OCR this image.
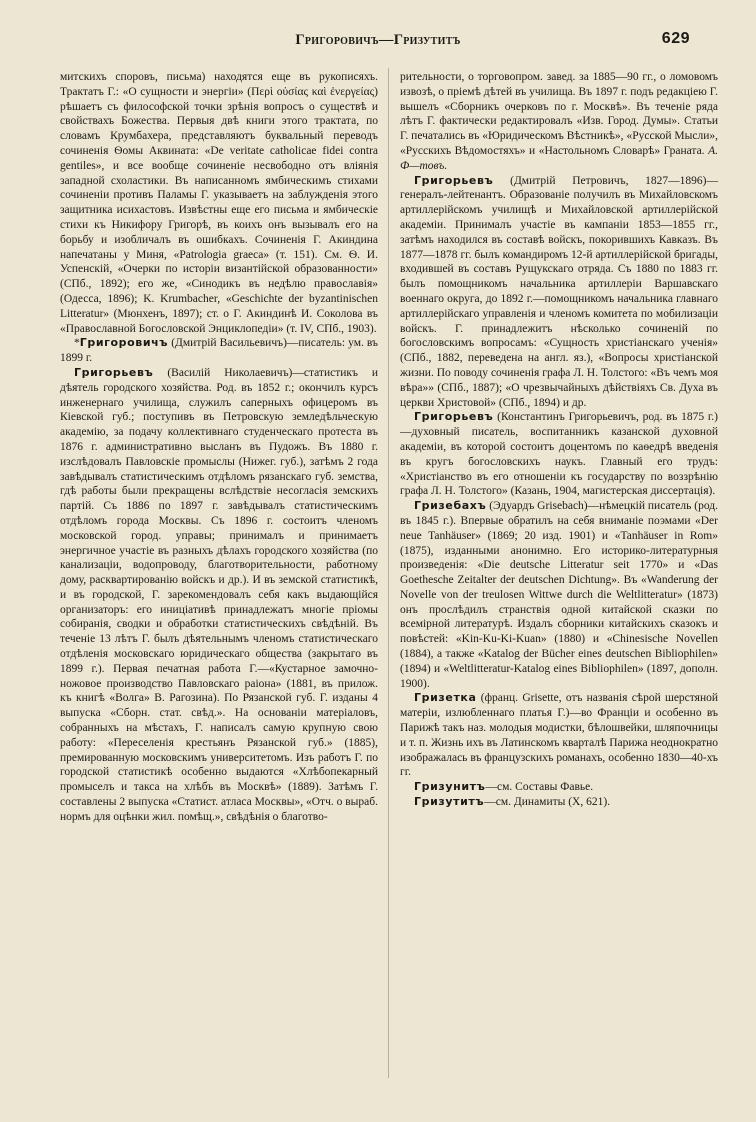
Григоровичъ—Гризутитъ	629

митскихъ споровъ, письма) находятся еще въ рукописяхъ. Трактатъ Г.: «О сущности и энергіи» (Περὶ οὐσίας καὶ ἐνεργείας) рѣшаетъ съ философской точки зрѣнія вопросъ о существѣ и свойствахъ Божества. Первыя двѣ книги этого трактата, по словамъ Крумбахера, представляютъ буквальный переводъ сочиненія Ѳомы Аквината: «De veritate catholicae fidei contra gentiles», и все вообще сочиненіе несвободно отъ вліянія западной схоластики. Въ написанномъ ямбическимъ стихами сочиненіи противъ Паламы Г. указываетъ на заблужденія этого защитника исихастовъ. Извѣстны еще его письма и ямбическіе стихи къ Никифору Григорѣ, въ коихъ онъ вызывалъ его на борьбу и изобличалъ въ ошибкахъ. Сочиненія Г. Акиндина напечатаны у Миня, «Patrologia graeca» (т. 151). См. Ѳ. И. Успенскій, «Очерки по исторіи византійской образованности» (СПб., 1892); его же, «Синодикъ въ недѣлю православія» (Одесса, 1896); K. Krumbacher, «Geschichte der byzantinischen Litteratur» (Мюнхенъ, 1897); ст. о Г. Акиндинѣ И. Соколова въ «Православной Богословской Энциклопедіи» (т. IV, СПб., 1903).

*Григоровичъ (Дмитрій Васильевичъ)—писатель: ум. въ 1899 г.

Григорьевъ (Василій Николаевичъ)—статистикъ и дѣятель городского хозяйства. Род. въ 1852 г.; окончилъ курсъ инженернаго училища, служилъ саперныхъ офицеромъ въ Кіевской губ.; поступивъ въ Петровскую земледѣльческую академію, за подачу коллективнаго студенческаго протеста въ 1876 г. административно высланъ въ Пудожъ. Въ 1880 г. изслѣдовалъ Павловскіе промыслы (Нижег. губ.), затѣмъ 2 года завѣдывалъ статистическимъ отдѣломъ рязанскаго губ. земства, гдѣ работы были прекращены вслѣдствіе несогласія земскихъ партій. Съ 1886 по 1897 г. завѣдывалъ статистическимъ отдѣломъ города Москвы. Съ 1896 г. состоитъ членомъ московской город. управы; принималъ и принимаетъ энергичное участіе въ разныхъ дѣлахъ городского хозяйства (по канализаціи, водопроводу, благотворительности, работному дому, расквартированію войскъ и др.). И въ земской статистикѣ, и въ городской, Г. зарекомендовалъ себя какъ выдающійся организаторъ: его иниціативѣ принадлежатъ многіе пріомы собиранія, сводки и обработки статистическихъ свѣдѣній. Въ теченіе 13 лѣтъ Г. былъ дѣятельнымъ членомъ статистическаго отдѣленія московскаго юридическаго общества (закрытаго въ 1899 г.). Первая печатная работа Г.—«Кустарное замочно-ножовое производство Павловскаго раіона» (1881, въ прилож. къ книгѣ «Волга» В. Рагозина). По Рязанской губ. Г. изданы 4 выпуска «Сборн. стат. свѣд.». На основаніи матеріаловъ, собранныхъ на мѣстахъ, Г. написалъ самую крупную свою работу: «Переселенія крестьянъ Рязанской губ.» (1885), премированную московскимъ университетомъ. Изъ работъ Г. по городской статистикѣ особенно выдаются «Хлѣбопекарный промыселъ и такса на хлѣбъ въ Москвѣ» (1889). Затѣмъ Г. составлены 2 выпуска «Статист. атласа Москвы», «Отч. о выраб. нормъ для оцѣнки жил. помѣщ.», свѣдѣнія о благотво-

рительности, о торговопром. завед. за 1885—90 гг., о ломовомъ извозѣ, о пріемѣ дѣтей въ училища. Въ 1897 г. подъ редакціею Г. вышелъ «Сборникъ очерковъ по г. Москвѣ». Въ теченіе ряда лѣтъ Г. фактически редактировалъ «Изв. Город. Думы». Статьи Г. печатались въ «Юридическомъ Вѣстникѣ», «Русской Мысли», «Русскихъ Вѣдомостяхъ» и «Настольномъ Словарѣ» Граната. А. Ф—товъ.

Григорьевъ (Дмитрій Петровичъ, 1827—1896)—генералъ-лейтенантъ. Образованіе получилъ въ Михайловскомъ артиллерійскомъ училищѣ и Михайловской артиллерійской академіи. Принималъ участіе въ кампаніи 1853—1855 гг., затѣмъ находился въ составѣ войскъ, покорившихъ Кавказъ. Въ 1877—1878 гг. былъ командиромъ 12-й артиллерійской бригады, входившей въ составъ Рущукскаго отряда. Съ 1880 по 1883 гг. былъ помощникомъ начальника артиллеріи Варшавскаго военнаго округа, до 1892 г.—помощникомъ начальника главнаго артиллерійскаго управленія и членомъ комитета по мобилизаціи войскъ. Г. принадлежитъ нѣсколько сочиненій по богословскимъ вопросамъ: «Сущность христіанскаго ученія» (СПб., 1882, переведена на англ. яз.), «Вопросы христіанской жизни. По поводу сочиненія графа Л. Н. Толстого: «Въ чемъ моя вѣра»» (СПб., 1887); «О чрезвычайныхъ дѣйствіяхъ Св. Духа въ церкви Христовой» (СПб., 1894) и др.

Григорьевъ (Константинъ Григорьевичъ, род. въ 1875 г.)—духовный писатель, воспитанникъ казанской духовной академіи, въ которой состоитъ доцентомъ по каѳедрѣ введенія въ кругъ богословскихъ наукъ. Главный его трудъ: «Христіанство въ его отношеніи къ государству по воззрѣнію графа Л. Н. Толстого» (Казань, 1904, магистерская диссертація).

Гризебахъ (Эдуардъ Grisebach)—нѣмецкій писатель (род. въ 1845 г.). Впервые обратилъ на себя вниманіе поэмами «Der neue Tanhäuser» (1869; 20 изд. 1901) и «Tanhäuser in Rom» (1875), изданными анонимно. Его историко-литературныя произведенія: «Die deutsche Litteratur seit 1770» и «Das Goethesche Zeitalter der deutschen Dichtung». Въ «Wanderung der Novelle von der treulosen Wittwe durch die Weltlitteratur» (1873) онъ прослѣдилъ странствія одной китайской сказки по всемірной литературѣ. Издалъ сборники китайскихъ сказокъ и повѣстей: «Kin-Ku-Ki-Kuan» (1880) и «Chinesische Novellen (1884), а также «Katalog der Bücher eines deutschen Bibliophilen» (1894) и «Weltlitteratur-Katalog eines Bibliophilen» (1897, дополн. 1900).

Гризетка (франц. Grisette, отъ названія сѣрой шерстяной матеріи, излюбленнаго платья Г.)—во Франціи и особенно въ Парижѣ такъ наз. молодыя модистки, бѣлошвейки, шляпочницы и т. п. Жизнь ихъ въ Латинскомъ кварталѣ Парижа неоднократно изображалась въ французскихъ романахъ, особенно 1830—40-хъ гг.

Гризунитъ—см. Составы Фавье.

Гризутитъ—см. Динамиты (X, 621).
